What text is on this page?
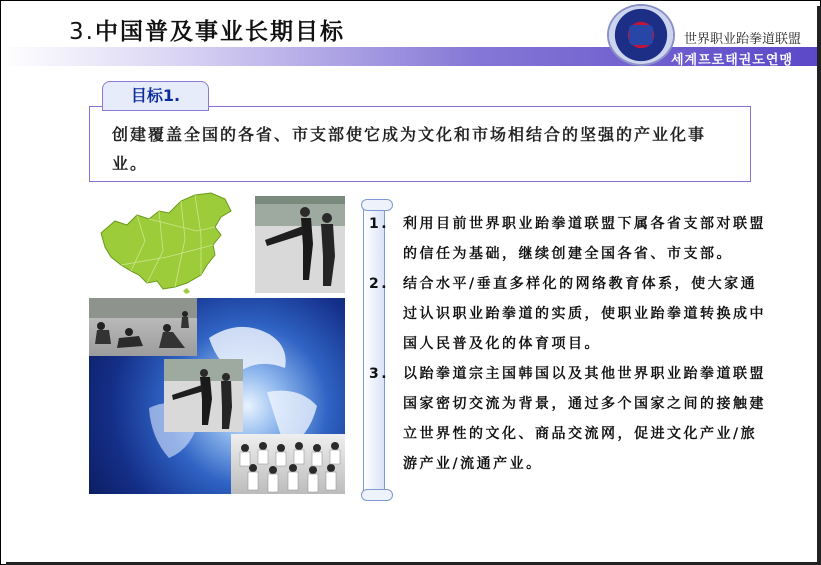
3.中国普及事业长期目标	世界职业跆拳道联盟
세계프로태권도연맹
创建覆盖全国的各省、市支部使它成为文化和市场相结合的坚强的产业化事业。
目标1.
1. 利用目前世界职业跆拳道联盟下属各省支部对联盟的信任为基础，继续创建全国各省、市支部。
2. 结合水平/垂直多样化的网络教育体系，使大家通过认识职业跆拳道的实质，使职业跆拳道转换成中国人民普及化的体育项目。
3. 以跆拳道宗主国韩国以及其他世界职业跆拳道联盟国家密切交流为背景，通过多个国家之间的接触建立世界性的文化、商品交流网，促进文化产业/旅游产业/流通产业。
